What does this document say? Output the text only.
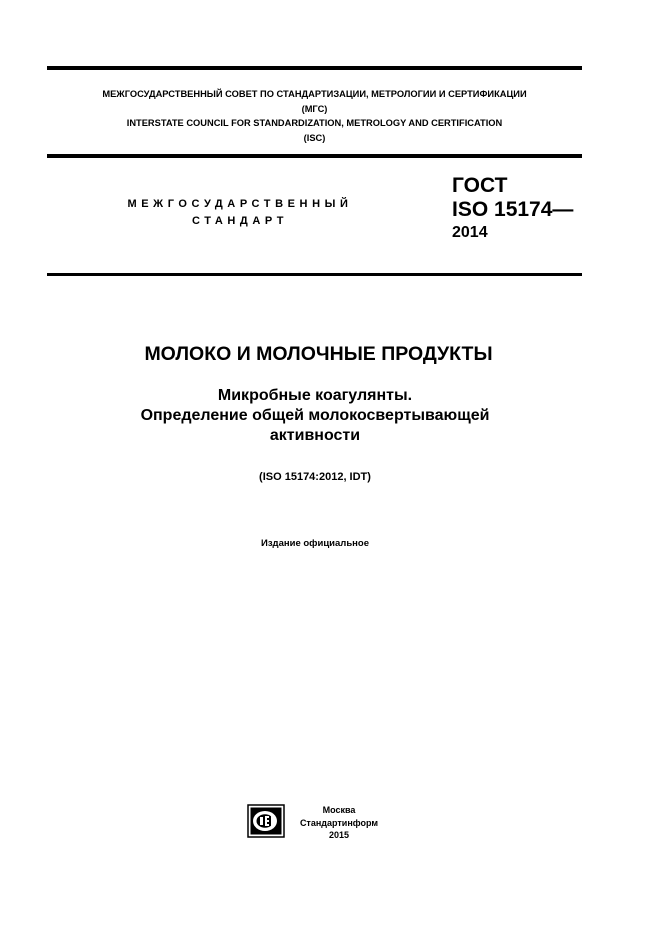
МЕЖГОСУДАРСТВЕННЫЙ СОВЕТ ПО СТАНДАРТИЗАЦИИ, МЕТРОЛОГИИ И СЕРТИФИКАЦИИ
(МГС)
INTERSTATE COUNCIL FOR STANDARDIZATION, METROLOGY AND CERTIFICATION
(ISC)
МЕЖГОСУДАРСТВЕННЫЙ
СТАНДАРТ
ГОСТ
ISO 15174—
2014
МОЛОКО И МОЛОЧНЫЕ ПРОДУКТЫ
Микробные коагулянты.
Определение общей молокосвертывающей
активности
(ISO 15174:2012, IDT)
Издание официальное
Москва
Стандартинформ
2015
